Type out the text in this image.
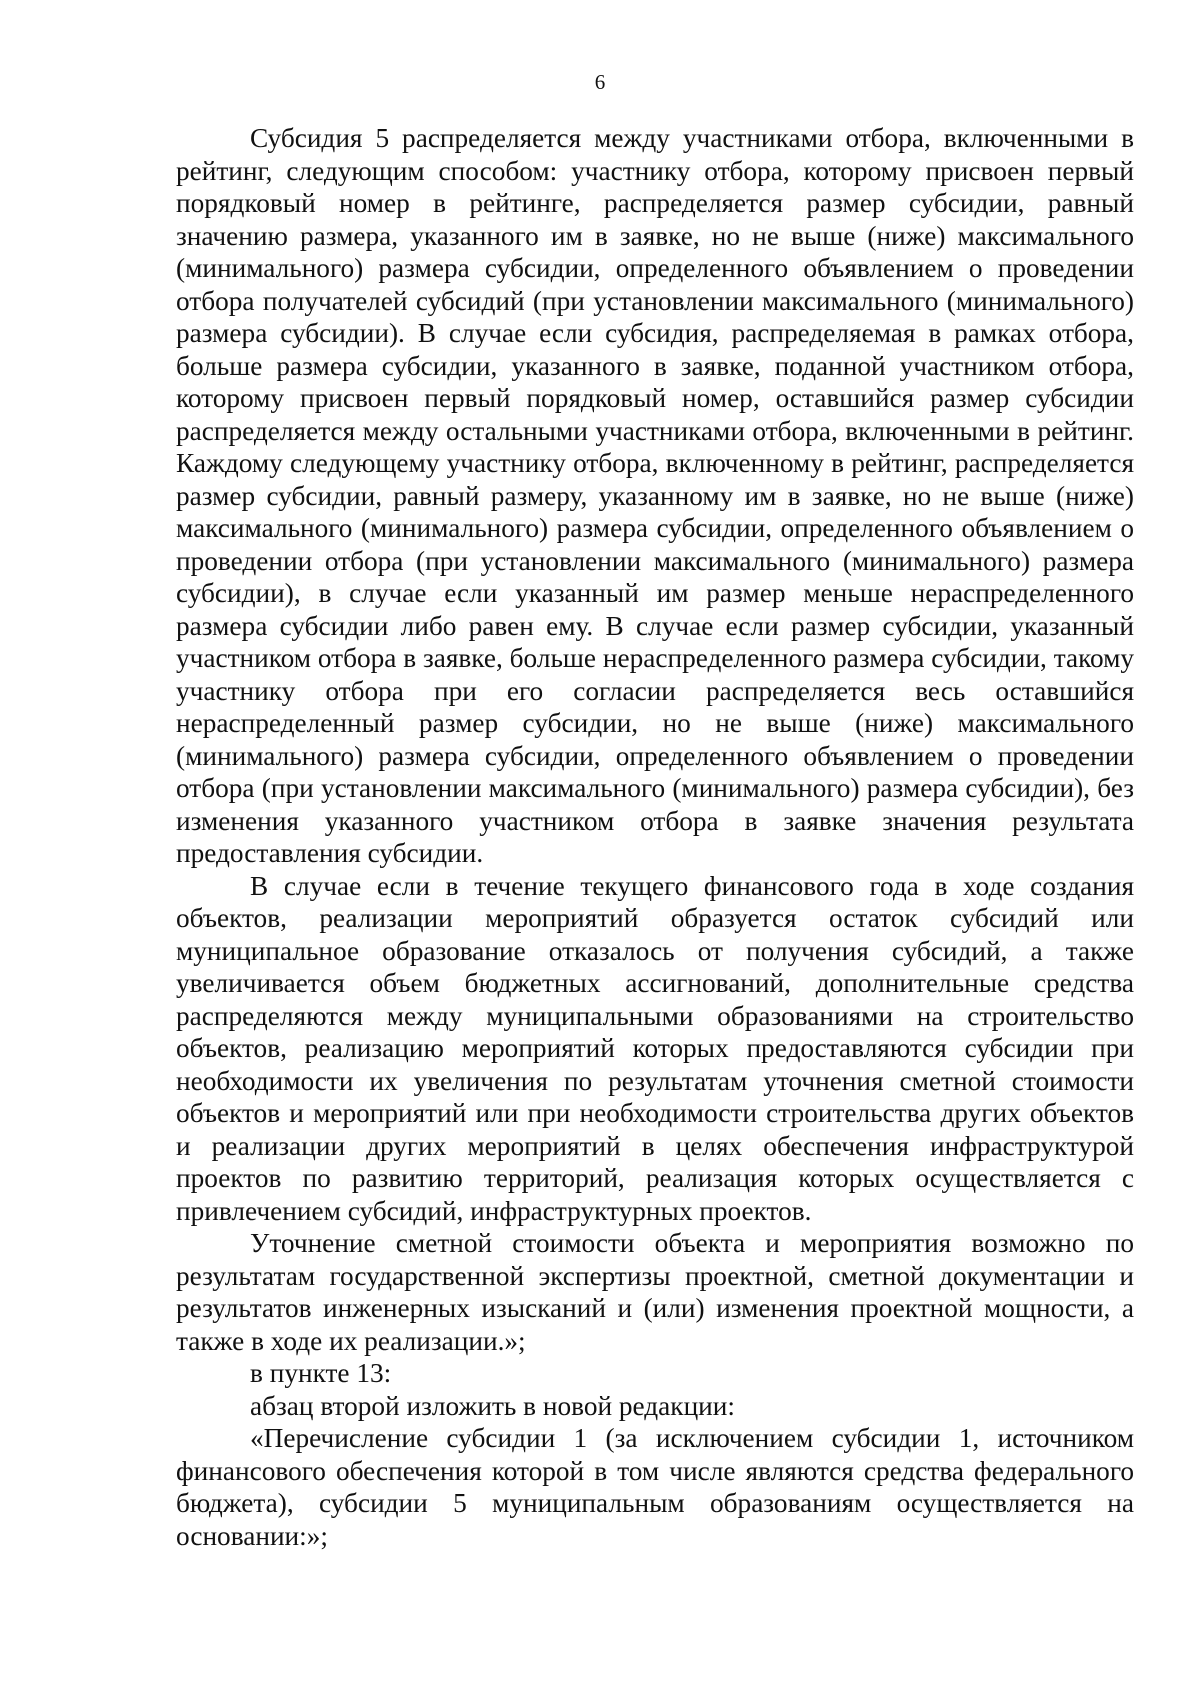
6

Субсидия 5 распределяется между участниками отбора, включенными в рейтинг, следующим способом: участнику отбора, которому присвоен первый порядковый номер в рейтинге, распределяется размер субсидии, равный значению размера, указанного им в заявке, но не выше (ниже) максимального (минимального) размера субсидии, определенного объявлением о проведении отбора получателей субсидий (при установлении максимального (минимального) размера субсидии). В случае если субсидия, распределяемая в рамках отбора, больше размера субсидии, указанного в заявке, поданной участником отбора, которому присвоен первый порядковый номер, оставшийся размер субсидии распределяется между остальными участниками отбора, включенными в рейтинг. Каждому следующему участнику отбора, включенному в рейтинг, распределяется размер субсидии, равный размеру, указанному им в заявке, но не выше (ниже) максимального (минимального) размера субсидии, определенного объявлением о проведении отбора (при установлении максимального (минимального) размера субсидии), в случае если указанный им размер меньше нераспределенного размера субсидии либо равен ему. В случае если размер субсидии, указанный участником отбора в заявке, больше нераспределенного размера субсидии, такому участнику отбора при его согласии распределяется весь оставшийся нераспределенный размер субсидии, но не выше (ниже) максимального (минимального) размера субсидии, определенного объявлением о проведении отбора (при установлении максимального (минимального) размера субсидии), без изменения указанного участником отбора в заявке значения результата предоставления субсидии.

В случае если в течение текущего финансового года в ходе создания объектов, реализации мероприятий образуется остаток субсидий или муниципальное образование отказалось от получения субсидий, а также увеличивается объем бюджетных ассигнований, дополнительные средства распределяются между муниципальными образованиями на строительство объектов, реализацию мероприятий которых предоставляются субсидии при необходимости их увеличения по результатам уточнения сметной стоимости объектов и мероприятий или при необходимости строительства других объектов и реализации других мероприятий в целях обеспечения инфраструктурой проектов по развитию территорий, реализация которых осуществляется с привлечением субсидий, инфраструктурных проектов.

Уточнение сметной стоимости объекта и мероприятия возможно по результатам государственной экспертизы проектной, сметной документации и результатов инженерных изысканий и (или) изменения проектной мощности, а также в ходе их реализации.»;

в пункте 13:

абзац второй изложить в новой редакции:

«Перечисление субсидии 1 (за исключением субсидии 1, источником финансового обеспечения которой в том числе являются средства федерального бюджета), субсидии 5 муниципальным образованиям осуществляется на основании:»;
